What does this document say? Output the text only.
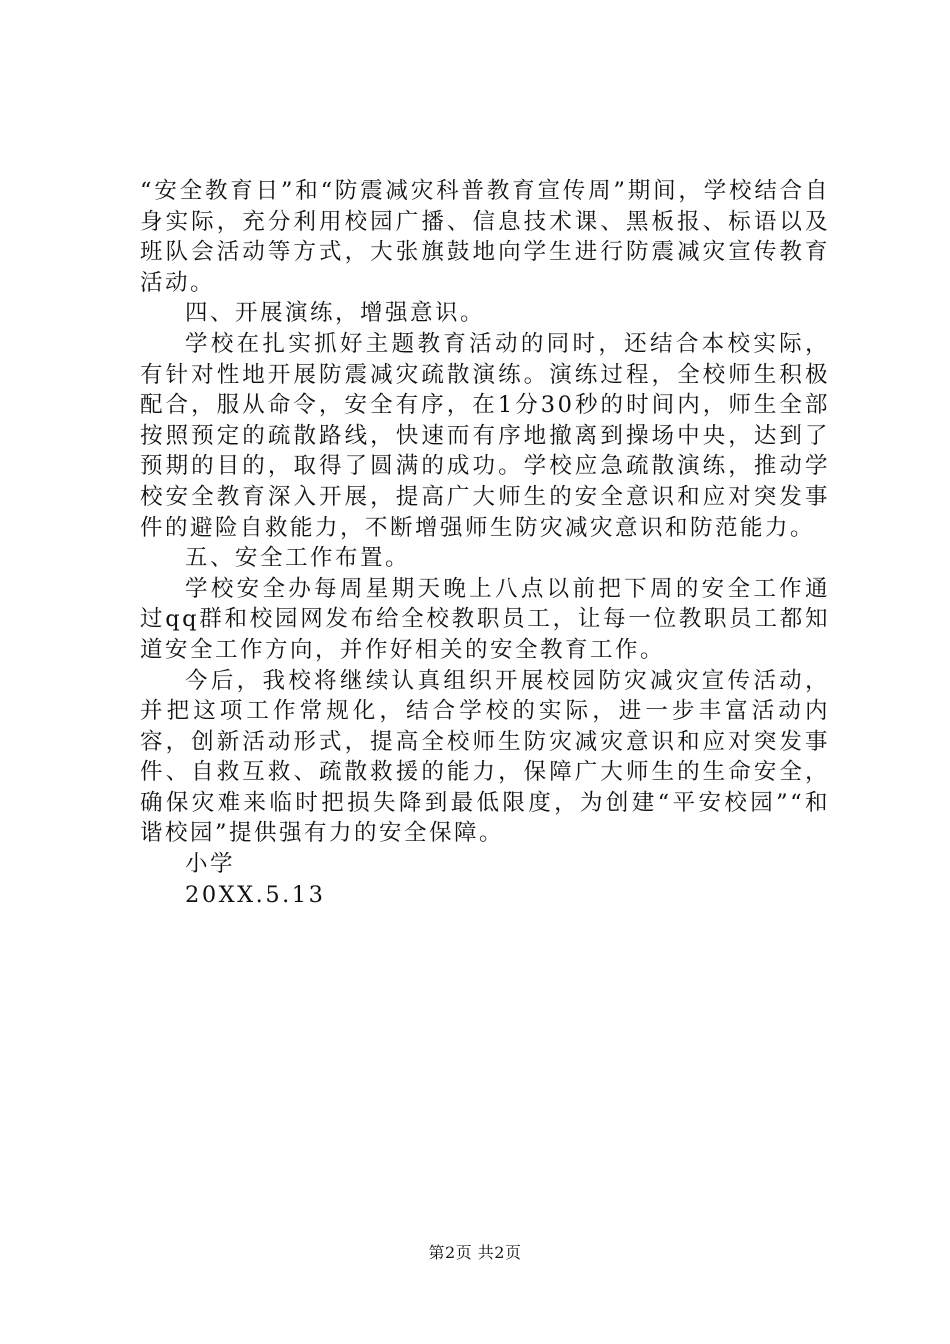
“安全教育日”和“防震减灾科普教育宣传周”期间，学校结合自身实际，充分利用校园广播、信息技术课、黑板报、标语以及班队会活动等方式，大张旗鼓地向学生进行防震减灾宣传教育活动。

四、开展演练，增强意识。

学校在扎实抓好主题教育活动的同时，还结合本校实际，有针对性地开展防震减灾疏散演练。演练过程，全校师生积极配合，服从命令，安全有序，在1分30秒的时间内，师生全部按照预定的疏散路线，快速而有序地撤离到操场中央，达到了预期的目的，取得了圆满的成功。学校应急疏散演练，推动学校安全教育深入开展，提高广大师生的安全意识和应对突发事件的避险自救能力，不断增强师生防灾减灾意识和防范能力。

五、安全工作布置。

学校安全办每周星期天晚上八点以前把下周的安全工作通过qq群和校园网发布给全校教职员工，让每一位教职员工都知道安全工作方向，并作好相关的安全教育工作。

今后，我校将继续认真组织开展校园防灾减灾宣传活动，并把这项工作常规化，结合学校的实际，进一步丰富活动内容，创新活动形式，提高全校师生防灾减灾意识和应对突发事件、自救互救、疏散救援的能力，保障广大师生的生命安全，确保灾难来临时把损失降到最低限度，为创建“平安校园”“和谐校园”提供强有力的安全保障。

小学

20XX.5.13

第2页 共2页
